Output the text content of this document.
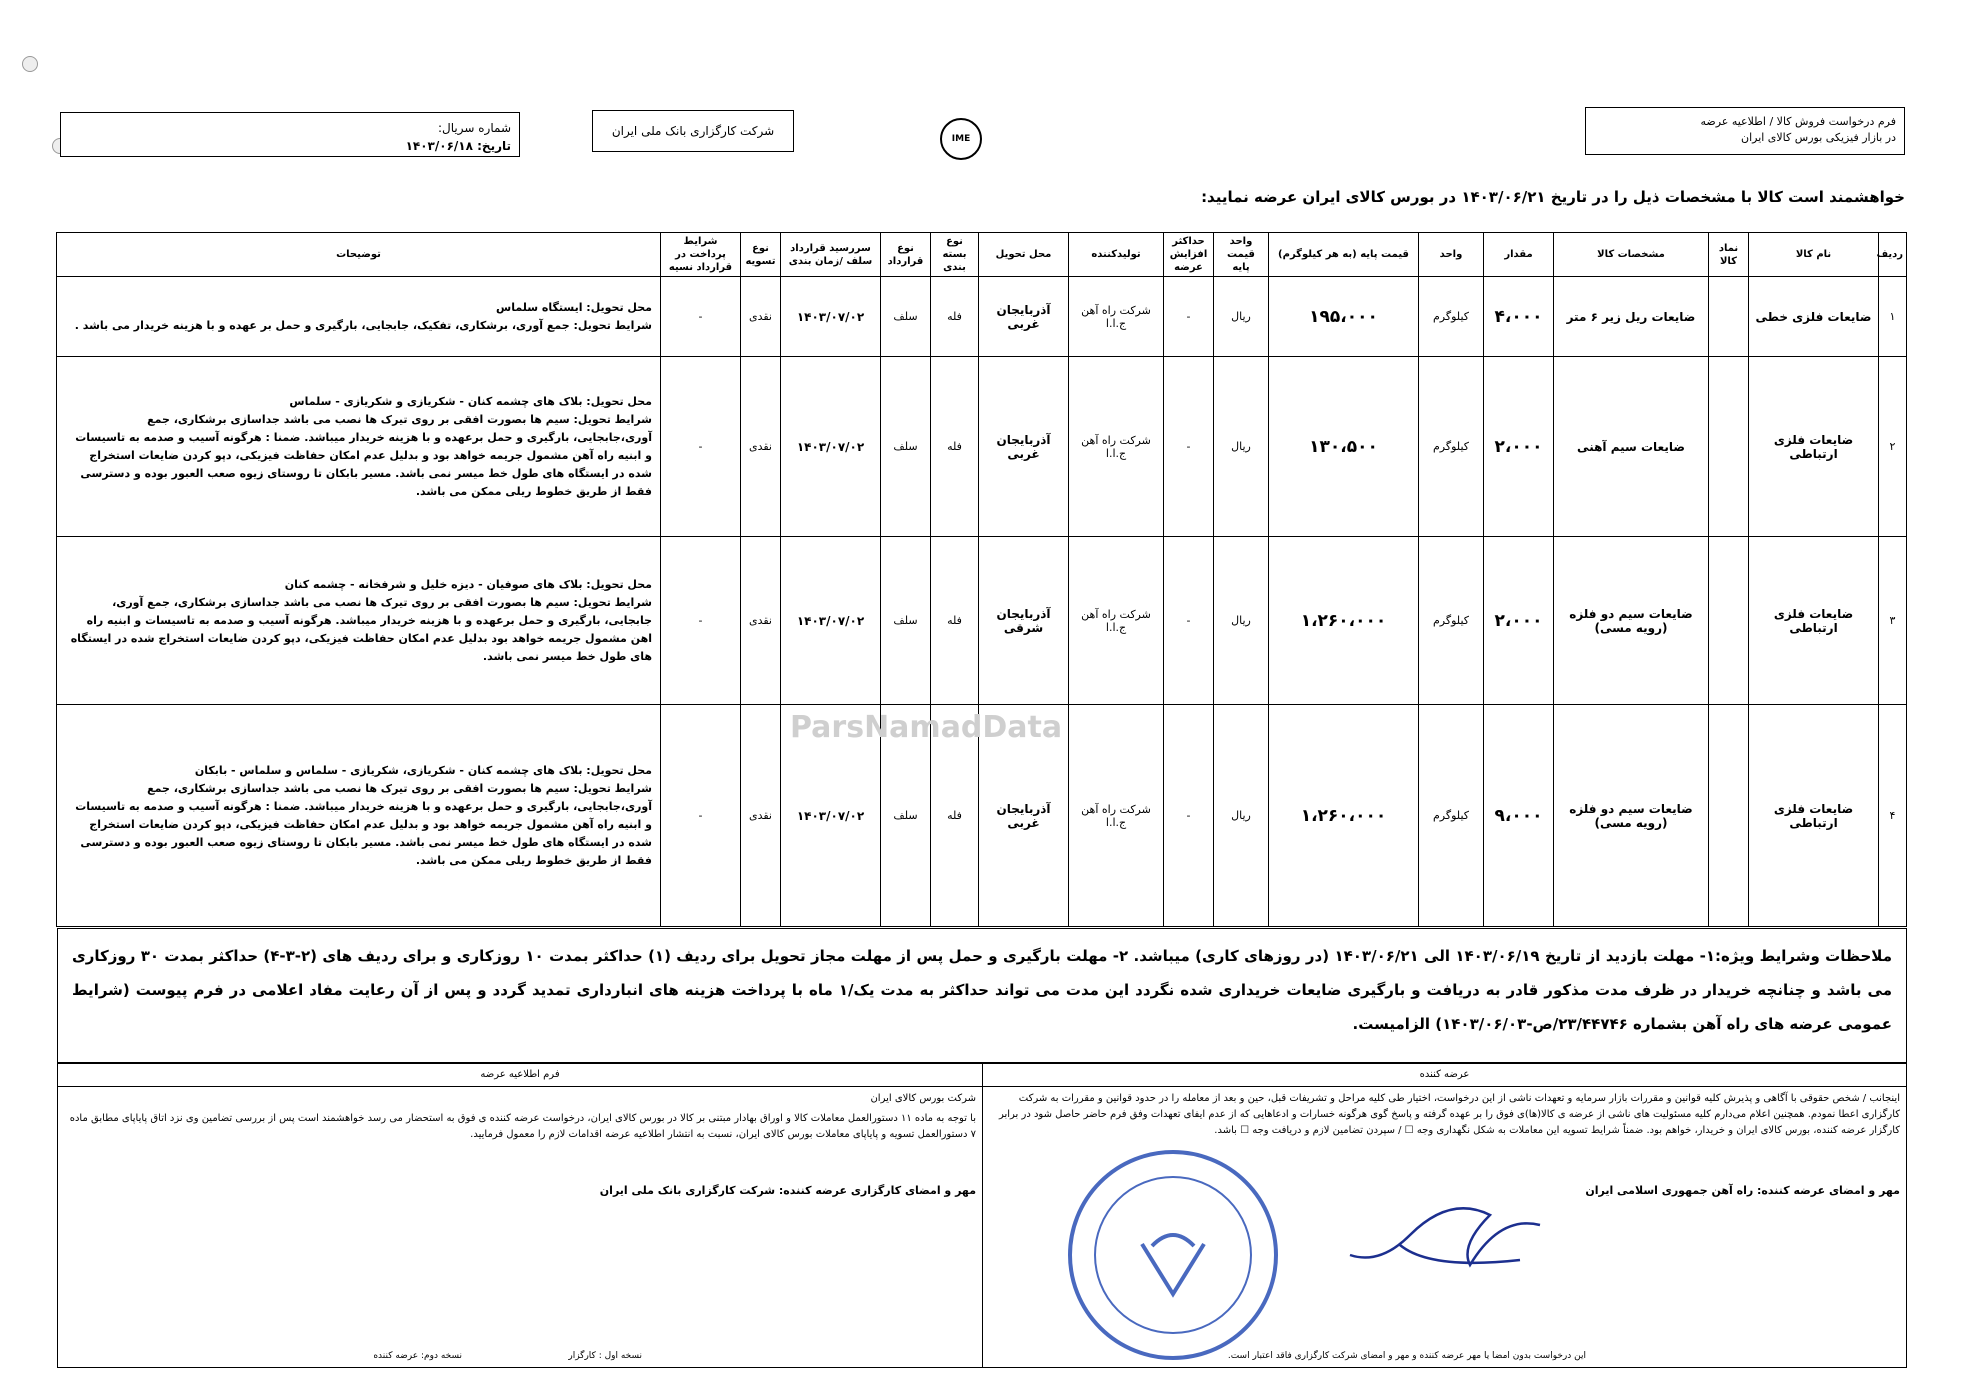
فرم درخواست فروش کالا / اطلاعیه عرضه
در بازار فیزیکی بورس کالای ایران
IME
شرکت کارگزاری بانک ملی ایران
شماره سریال:
تاریخ: ۱۴۰۳/۰۶/۱۸
خواهشمند است کالا با مشخصات ذیل را در تاریخ ۱۴۰۳/۰۶/۲۱ در بورس کالای ایران عرضه نمایید:
ردیف	نام کالا	نماد کالا	مشخصات کالا	مقدار	واحد	قیمت پایه (به هر کیلوگرم)	واحد قیمت پایه	حداکثر افزایش عرضه	تولیدکننده	محل تحویل	نوع بسته بندی	نوع قرارداد	سررسید قرارداد سلف /زمان بندی	نوع تسویه	شرایط پرداخت در قرارداد نسیه	توضیحات
۱	ضایعات فلزی خطی		ضایعات ریل زیر ۶ متر	۴،۰۰۰	کیلوگرم	۱۹۵،۰۰۰	ریال	-	شرکت راه آهن ج.ا.ا	آذربایجان غربی	فله	سلف	۱۴۰۳/۰۷/۰۲	نقدی	-	محل تحویل: ایستگاه سلماس
شرایط تحویل: جمع آوری، برشکاری، تفکیک، جابجایی، بارگیری و حمل بر عهده و با هزینه خریدار می باشد .
۲	ضایعات فلزی ارتباطی		ضایعات سیم آهنی	۲،۰۰۰	کیلوگرم	۱۳۰،۵۰۰	ریال	-	شرکت راه آهن ج.ا.ا	آذربایجان غربی	فله	سلف	۱۴۰۳/۰۷/۰۲	نقدی	-	محل تحویل: بلاک های چشمه کنان - شکریازی و شکریازی - سلماس
شرایط تحویل: سیم ها بصورت افقی بر روی تیرک ها نصب می باشد جداسازی برشکاری، جمع آوری،جابجایی، بارگیری و حمل برعهده و با هزینه خریدار میباشد. ضمنا : هرگونه آسیب و صدمه به تاسیسات و ابنیه راه آهن مشمول جریمه خواهد بود و بدلیل عدم امکان حفاظت فیزیکی، دپو کردن ضایعات استخراج شده در ایستگاه های طول خط میسر نمی باشد. مسیر بابکان تا روستای زیوه صعب العبور بوده و دسترسی فقط از طریق خطوط ریلی ممکن می باشد.
۳	ضایعات فلزی ارتباطی		ضایعات سیم دو فلزه (رویه مسی)	۲،۰۰۰	کیلوگرم	۱،۲۶۰،۰۰۰	ریال	-	شرکت راه آهن ج.ا.ا	آذربایجان شرقی	فله	سلف	۱۴۰۳/۰۷/۰۲	نقدی	-	محل تحویل: بلاک های صوفیان - دیزه خلیل و شرفخانه - چشمه کنان
شرایط تحویل: سیم ها بصورت افقی بر روی تیرک ها نصب می باشد جداسازی برشکاری، جمع آوری، جابجایی، بارگیری و حمل برعهده و با هزینه خریدار میباشد. هرگونه آسیب و صدمه به تاسیسات و ابنیه راه اهن مشمول جریمه خواهد بود بدلیل عدم امکان حفاظت فیزیکی، دپو کردن ضایعات استخراج شده در ایستگاه های طول خط میسر نمی باشد.
۴	ضایعات فلزی ارتباطی		ضایعات سیم دو فلزه (رویه مسی)	۹،۰۰۰	کیلوگرم	۱،۲۶۰،۰۰۰	ریال	-	شرکت راه آهن ج.ا.ا	آذربایجان غربی	فله	سلف	۱۴۰۳/۰۷/۰۲	نقدی	-	محل تحویل: بلاک های چشمه کنان - شکریازی، شکریازی - سلماس و سلماس - بابکان
شرایط تحویل: سیم ها بصورت افقی بر روی تیرک ها نصب می باشد جداسازی برشکاری، جمع آوری،جابجایی، بارگیری و حمل برعهده و با هزینه خریدار میباشد. ضمنا : هرگونه آسیب و صدمه به تاسیسات و ابنیه راه آهن مشمول جریمه خواهد بود و بدلیل عدم امکان حفاظت فیزیکی، دپو کردن ضایعات استخراج شده در ایستگاه های طول خط میسر نمی باشد. مسیر بابکان تا روستای زیوه صعب العبور بوده و دسترسی فقط از طریق خطوط ریلی ممکن می باشد.
ParsNamadData
ملاحظات وشرایط ویژه:۱- مهلت بازدید از تاریخ ۱۴۰۳/۰۶/۱۹ الی ۱۴۰۳/۰۶/۲۱ (در روزهای کاری) میباشد. ۲- مهلت بارگیری و حمل پس از مهلت مجاز تحویل برای ردیف (۱) حداکثر بمدت ۱۰ روزکاری و برای ردیف های (۲-۳-۴) حداکثر بمدت ۳۰ روزکاری می باشد و چنانچه خریدار در ظرف مدت مذکور قادر به دریافت و بارگیری ضایعات خریداری شده نگردد این مدت می تواند حداکثر به مدت یک/۱ ماه با پرداخت هزینه های انبارداری تمدید گردد و پس از آن رعایت مفاد اعلامی در فرم پیوست (شرایط عمومی عرضه های راه آهن بشماره ۲۳/۴۴۷۴۶/ص-۱۴۰۳/۰۶/۰۳) الزامیست.
عرضه کننده
اینجانب / شخص حقوقی با آگاهی و پذیرش کلیه قوانین و مقررات بازار سرمایه و تعهدات ناشی از این درخواست، اختیار طی کلیه مراحل و تشریفات قبل، حین و بعد از معامله را در حدود قوانین و مقررات به شرکت کارگزاری اعطا نمودم. همچنین اعلام می‌دارم کلیه مسئولیت های ناشی از عرضه ی کالا(ها)ی فوق را بر عهده گرفته و پاسخ گوی هرگونه خسارات و ادعاهایی که از عدم ایفای تعهدات وفق فرم حاضر حاصل شود در برابر کارگزار عرضه کننده، بورس کالای ایران و خریدار، خواهم بود. ضمناً شرایط تسویه این معاملات به شکل نگهداری وجه ☐ / سپردن تضامین لازم و دریافت وجه ☐ باشد.
مهر و امضای عرضه کننده: راه آهن جمهوری اسلامی ایران
این درخواست بدون امضا یا مهر عرضه کننده و مهر و امضای شرکت کارگزاری فاقد اعتبار است.
فرم اطلاعیه عرضه
شرکت بورس کالای ایران
با توجه به ماده ۱۱ دستورالعمل معاملات کالا و اوراق بهادار مبتنی بر کالا در بورس کالای ایران، درخواست عرضه کننده ی فوق به استحضار می رسد خواهشمند است پس از بررسی تضامین وی نزد اتاق پایاپای مطابق ماده ۷ دستورالعمل تسویه و پایاپای معاملات بورس کالای ایران، نسبت به انتشار اطلاعیه عرضه اقدامات لازم را معمول فرمایید.
مهر و امضای کارگزاری عرضه کننده: شرکت کارگزاری بانک ملی ایران
نسخه اول : کارگزار
نسخه دوم: عرضه کننده
